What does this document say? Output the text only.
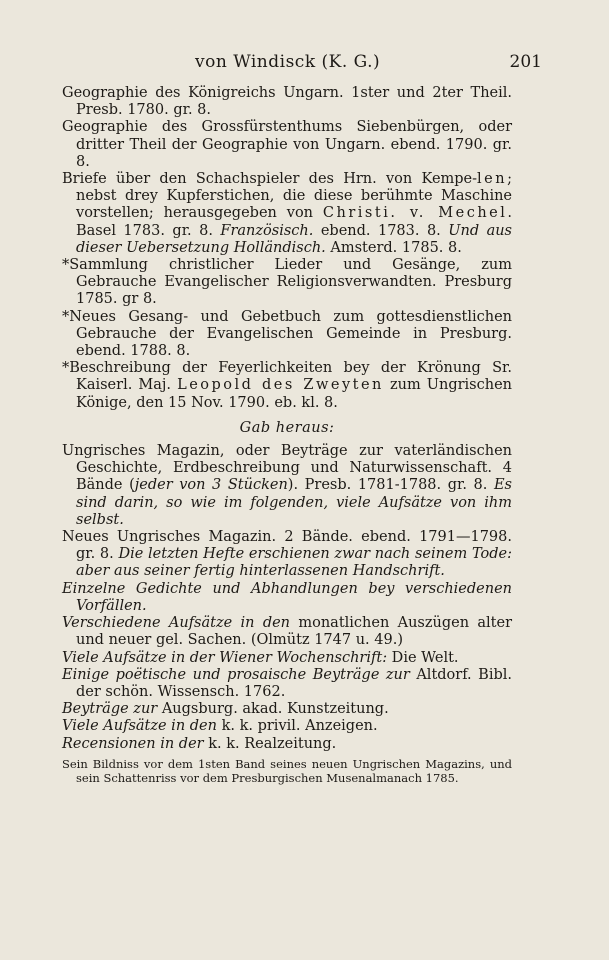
von Windisck (K. G.)	201

Geographie des Königreichs Ungarn. 1ster und 2ter Theil. Presb. 1780. gr. 8.

Geographie des Grossfürstenthums Siebenbürgen, oder dritter Theil der Geographie von Ungarn. ebend. 1790. gr. 8.

Briefe über den Schachspieler des Hrn. von Kempe-len; nebst drey Kupferstichen, die diese berühmte Maschine vorstellen; herausgegeben von Christi. v. Mechel. Basel 1783. gr. 8. Französisch. ebend. 1783. 8. Und aus dieser Uebersetzung Holländisch. Amsterd. 1785. 8.

*Sammlung christlicher Lieder und Gesänge, zum Gebrauche Evangelischer Religionsverwandten. Presburg 1785. gr 8.

*Neues Gesang- und Gebetbuch zum gottesdienstlichen Gebrauche der Evangelischen Gemeinde in Presburg. ebend. 1788. 8.

*Beschreibung der Feyerlichkeiten bey der Krönung Sr. Kaiserl. Maj. Leopold des Zweyten zum Ungrischen Könige, den 15 Nov. 1790. eb. kl. 8.

Gab heraus:

Ungrisches Magazin, oder Beyträge zur vaterländischen Geschichte, Erdbeschreibung und Naturwissenschaft. 4 Bände (jeder von 3 Stücken). Presb. 1781-1788. gr. 8. Es sind darin, so wie im folgenden, viele Aufsätze von ihm selbst.

Neues Ungrisches Magazin. 2 Bände. ebend. 1791—1798. gr. 8. Die letzten Hefte erschienen zwar nach seinem Tode: aber aus seiner fertig hinterlassenen Handschrift.

Einzelne Gedichte und Abhandlungen bey verschiedenen Vorfällen.

Verschiedene Aufsätze in den monatlichen Auszügen alter und neuer gel. Sachen. (Olmütz 1747 u. 49.)

Viele Aufsätze in der Wiener Wochenschrift: Die Welt.

Einige poëtische und prosaische Beyträge zur Altdorf. Bibl. der schön. Wissensch. 1762.

Beyträge zur Augsburg. akad. Kunstzeitung.

Viele Aufsätze in den k. k. privil. Anzeigen.

Recensionen in der k. k. Realzeitung.

Sein Bildniss vor dem 1sten Band seines neuen Ungrischen Magazins, und sein Schattenriss vor dem Presburgischen Musenalmanach 1785.
